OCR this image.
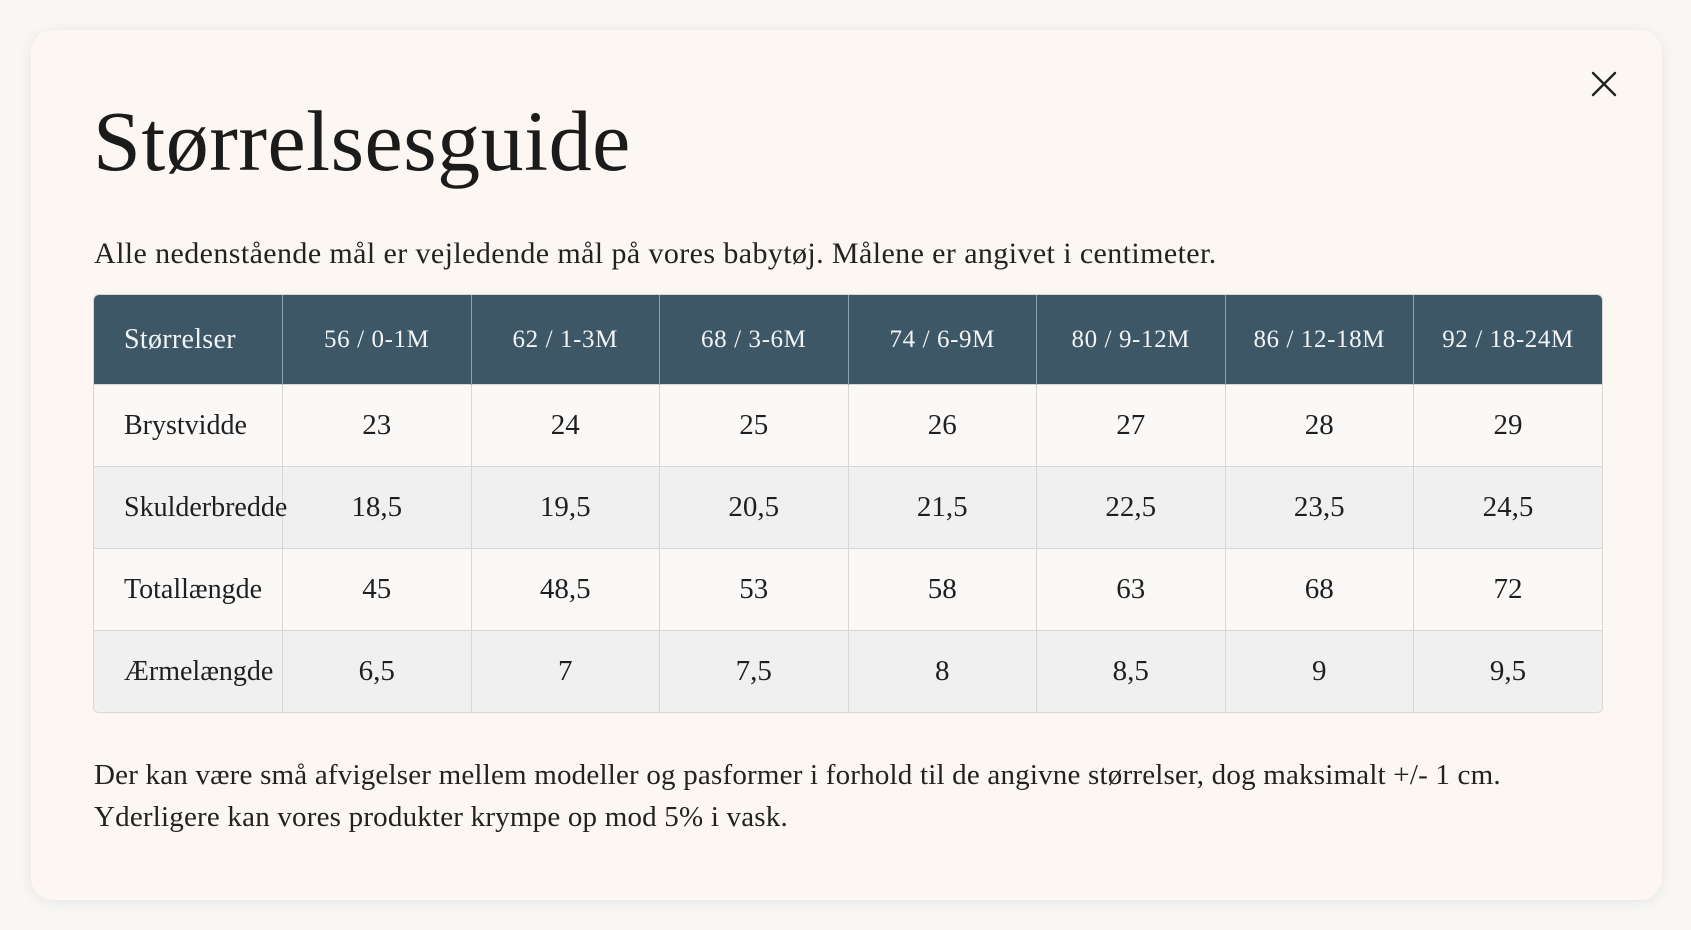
Størrelsesguide

Alle nedenstående mål er vejledende mål på vores babytøj. Målene er angivet i centimeter.

Størrelser	56 / 0-1M	62 / 1-3M	68 / 3-6M	74 / 6-9M	80 / 9-12M	86 / 12-18M	92 / 18-24M
Brystvidde	23	24	25	26	27	28	29
Skulderbredde	18,5	19,5	20,5	21,5	22,5	23,5	24,5
Totallængde	45	48,5	53	58	63	68	72
Ærmelængde	6,5	7	7,5	8	8,5	9	9,5

Der kan være små afvigelser mellem modeller og pasformer i forhold til de angivne størrelser, dog maksimalt +/- 1 cm.
Yderligere kan vores produkter krympe op mod 5% i vask.
